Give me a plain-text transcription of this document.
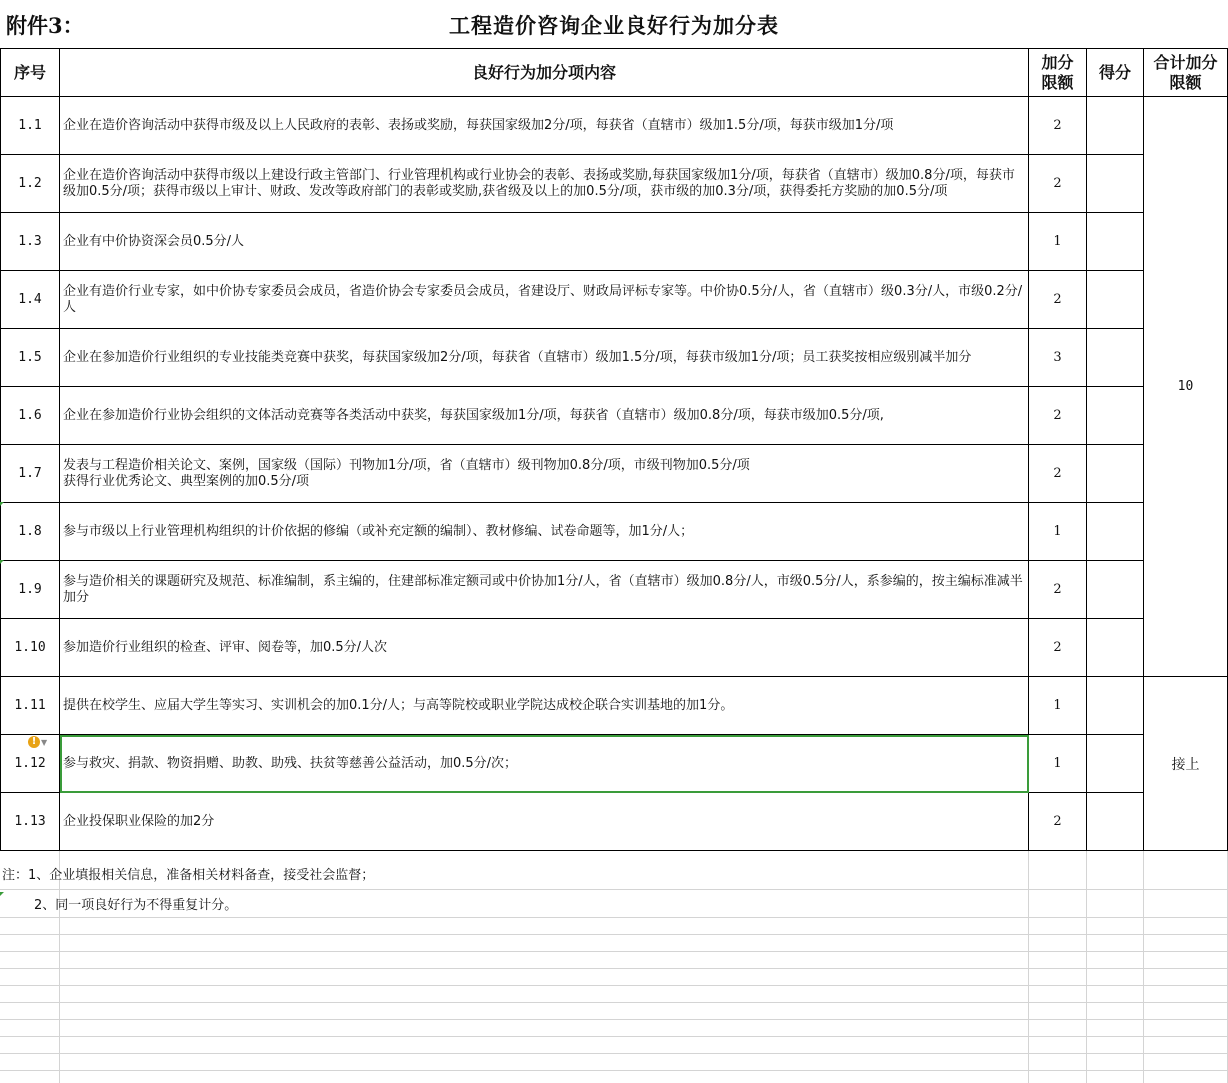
附件3：	工程造价咨询企业良好行为加分表
序号	良好行为加分项内容	加分限额	得分	合计加分限额
1.1	企业在造价咨询活动中获得市级及以上人民政府的表彰、表扬或奖励，每获国家级加2分/项，每获省（直辖市）级加1.5分/项，每获市级加1分/项	2		10
1.2	企业在造价咨询活动中获得市级以上建设行政主管部门、行业管理机构或行业协会的表彰、表扬或奖励,每获国家级加1分/项，每获省（直辖市）级加0.8分/项，每获市级加0.5分/项；获得市级以上审计、财政、发改等政府部门的表彰或奖励,获省级及以上的加0.5分/项，获市级的加0.3分/项，获得委托方奖励的加0.5分/项	2		
1.3	企业有中价协资深会员0.5分/人	1		
1.4	企业有造价行业专家，如中价协专家委员会成员，省造价协会专家委员会成员，省建设厅、财政局评标专家等。中价协0.5分/人，省（直辖市）级0.3分/人，市级0.2分/人	2		
1.5	企业在参加造价行业组织的专业技能类竞赛中获奖，每获国家级加2分/项，每获省（直辖市）级加1.5分/项，每获市级加1分/项；员工获奖按相应级别减半加分	3		
1.6	企业在参加造价行业协会组织的文体活动竞赛等各类活动中获奖，每获国家级加1分/项，每获省（直辖市）级加0.8分/项，每获市级加0.5分/项,	2		
1.7	发表与工程造价相关论文、案例，国家级（国际）刊物加1分/项，省（直辖市）级刊物加0.8分/项，市级刊物加0.5分/项
获得行业优秀论文、典型案例的加0.5分/项	2		
1.8	参与市级以上行业管理机构组织的计价依据的修编（或补充定额的编制）、教材修编、试卷命题等，加1分/人；	1		
1.9	参与造价相关的课题研究及规范、标准编制，系主编的，住建部标准定额司或中价协加1分/人，省（直辖市）级加0.8分/人，市级0.5分/人，系参编的，按主编标准减半加分	2		
1.10	参加造价行业组织的检查、评审、阅卷等，加0.5分/人次	2		
1.11	提供在校学生、应届大学生等实习、实训机会的加0.1分/人；与高等院校或职业学院达成校企联合实训基地的加1分。	1		接上
1.12	参与救灾、捐款、物资捐赠、助教、助残、扶贫等慈善公益活动，加0.5分/次；	1		
1.13	企业投保职业保险的加2分	2		
! ▼
注：1、企业填报相关信息，准备相关材料备查，接受社会监督；
2、同一项良好行为不得重复计分。
